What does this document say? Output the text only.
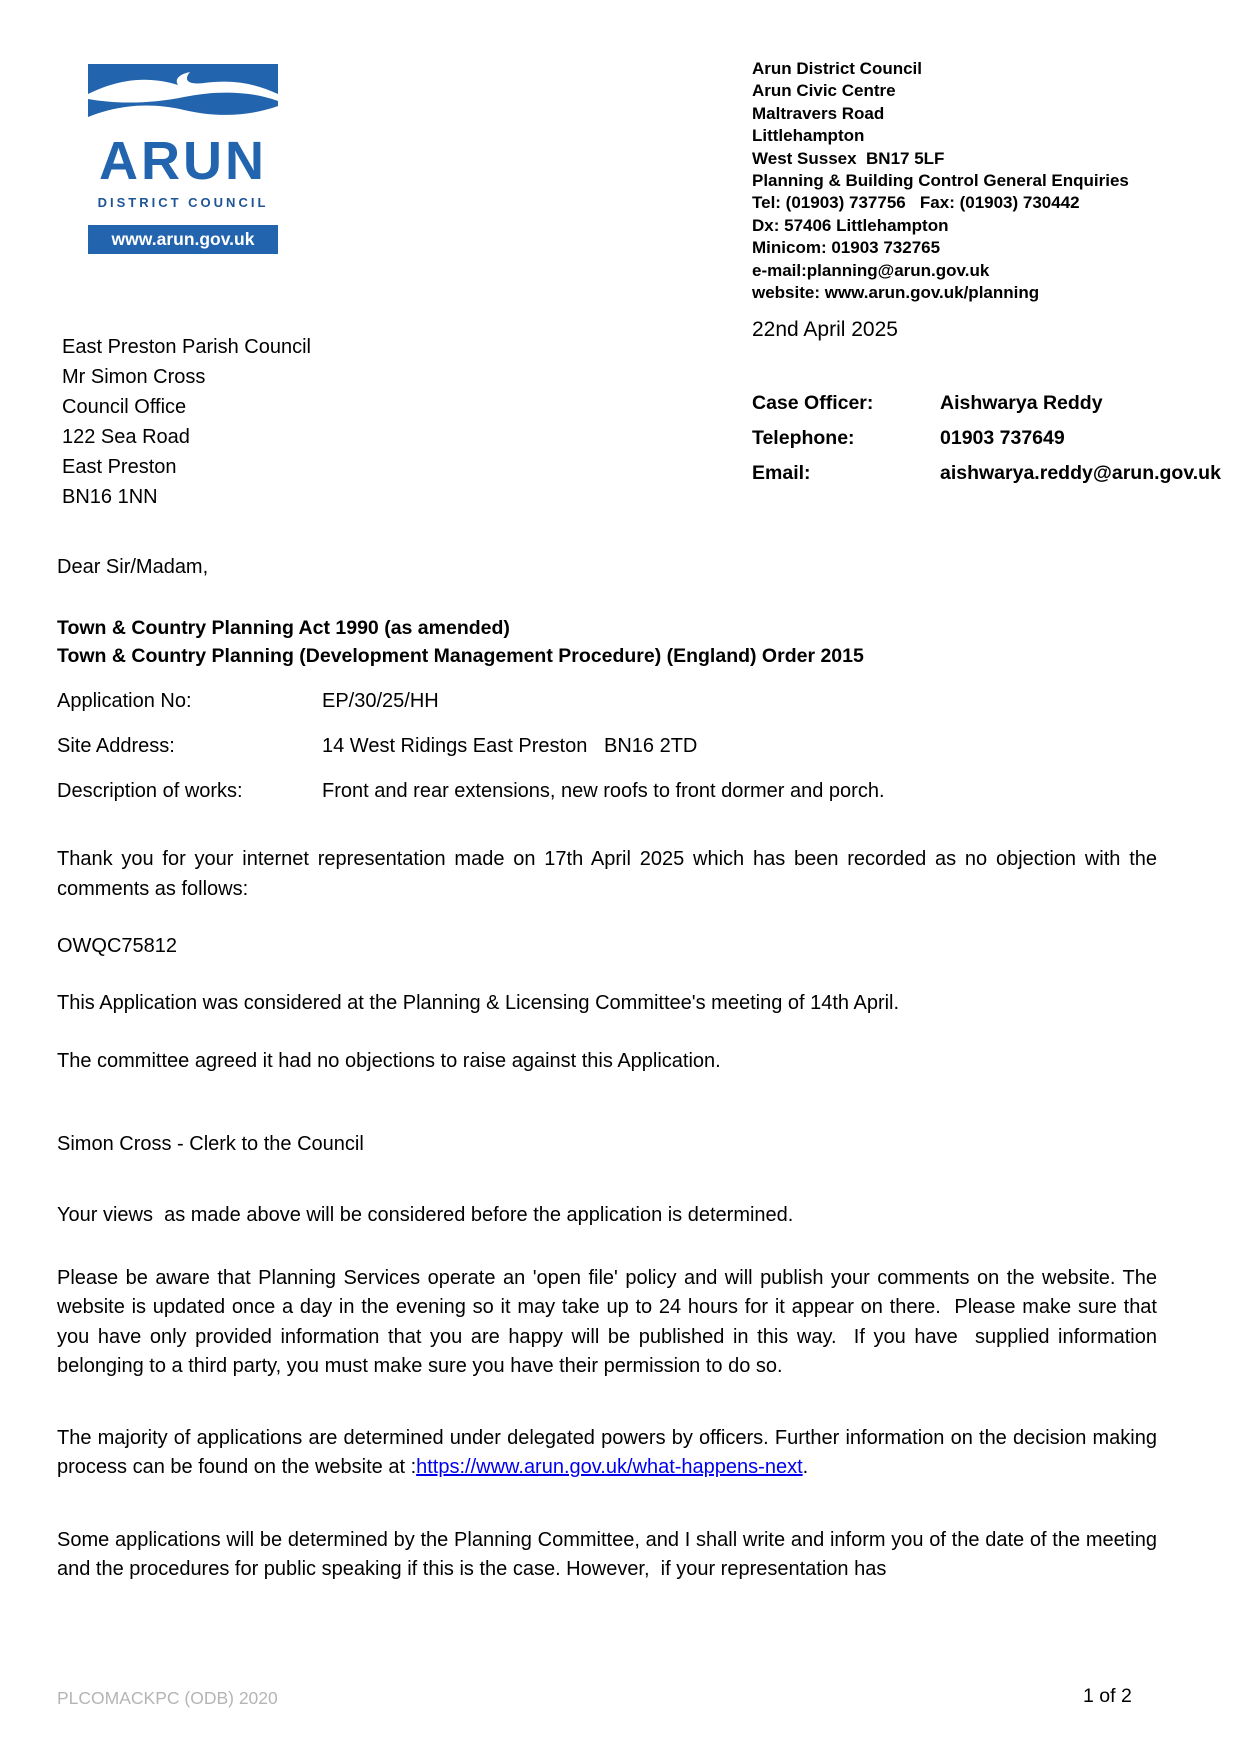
ARUN
DISTRICT COUNCIL
www.arun.gov.uk
Arun District Council
Arun Civic Centre
Maltravers Road
Littlehampton
West Sussex  BN17 5LF
Planning & Building Control General Enquiries
Tel: (01903) 737756   Fax: (01903) 730442
Dx: 57406 Littlehampton
Minicom: 01903 732765
e-mail:planning@arun.gov.uk
website: www.arun.gov.uk/planning
22nd April 2025
Case Officer:	Aishwarya Reddy
Telephone:	01903 737649
Email:	aishwarya.reddy@arun.gov.uk
East Preston Parish Council
Mr Simon Cross
Council Office
122 Sea Road
East Preston
BN16 1NN
Dear Sir/Madam,
Town & Country Planning Act 1990 (as amended)
Town & Country Planning (Development Management Procedure) (England) Order 2015
Application No:	EP/30/25/HH
Site Address:	14 West Ridings East Preston   BN16 2TD
Description of works:	Front and rear extensions, new roofs to front dormer and porch.

Thank you for your internet representation made on 17th April 2025 which has been recorded as no objection with the comments as follows:

OWQC75812

This Application was considered at the Planning & Licensing Committee's meeting of 14th April.

The committee agreed it had no objections to raise against this Application.

Simon Cross - Clerk to the Council

Your views  as made above will be considered before the application is determined.

Please be aware that Planning Services operate an 'open file' policy and will publish your comments on the website. The website is updated once a day in the evening so it may take up to 24 hours for it appear on there.  Please make sure that you have only provided information that you are happy will be published in this way.  If you have  supplied information belonging to a third party, you must make sure you have their permission to do so.

The majority of applications are determined under delegated powers by officers. Further information on the decision making process can be found on the website at :https://www.arun.gov.uk/what-happens-next.

Some applications will be determined by the Planning Committee, and I shall write and inform you of the date of the meeting and the procedures for public speaking if this is the case. However,  if your representation has

PLCOMACKPC (ODB) 2020	1 of 2
